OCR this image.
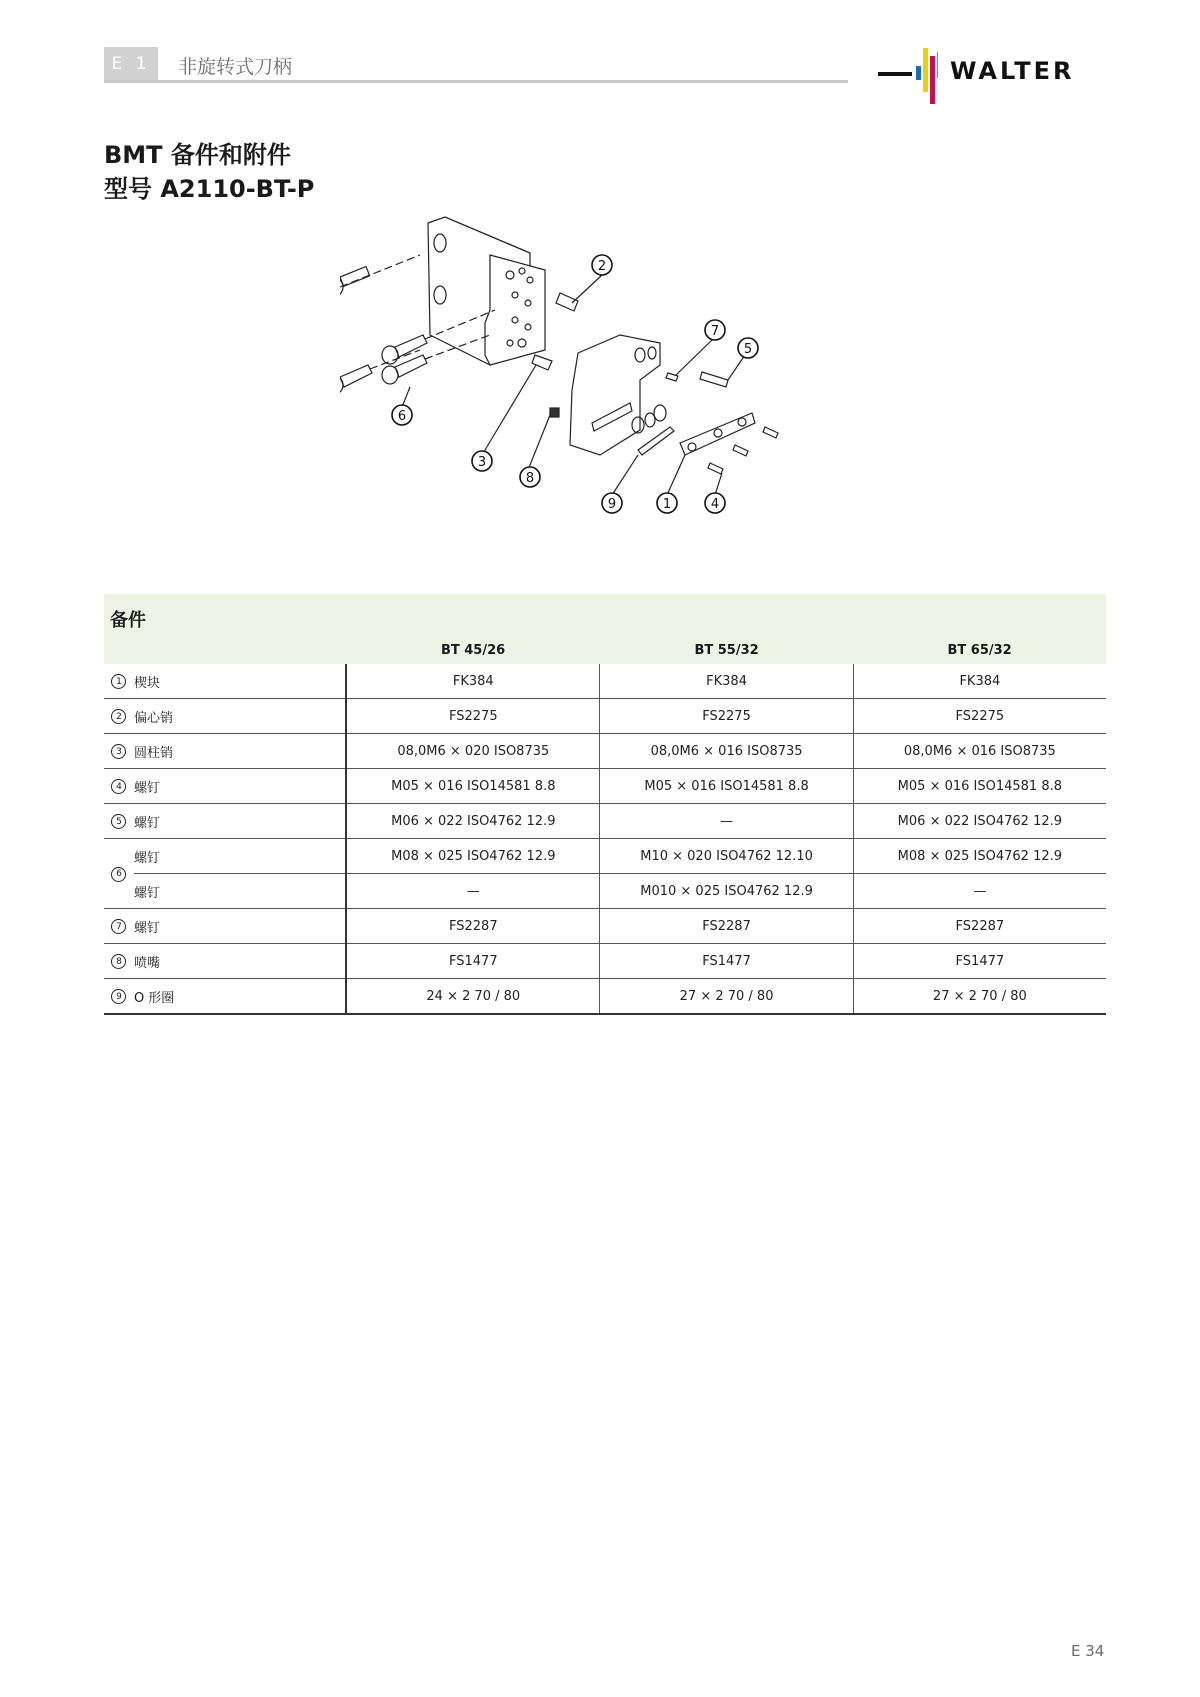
E 1	非旋转式刀柄	WALTER
BMT 备件和附件
型号 A2110-BT-P
2
7
5
6
3
8
9	1	4
备件		BT 45/26	BT 55/32	BT 65/32
1	楔块	FK384	FK384	FK384
2	偏心销	FS2275	FS2275	FS2275
3	圆柱销	08,0M6 × 020 ISO8735	08,0M6 × 016 ISO8735	08,0M6 × 016 ISO8735
4	螺钉	M05 × 016 ISO14581 8.8	M05 × 016 ISO14581 8.8	M05 × 016 ISO14581 8.8
5	螺钉	M06 × 022 ISO4762 12.9	—	M06 × 022 ISO4762 12.9
6	螺钉	M08 × 025 ISO4762 12.9	M10 × 020 ISO4762 12.10	M08 × 025 ISO4762 12.9
	螺钉	—	M010 × 025 ISO4762 12.9	—
7	螺钉	FS2287	FS2287	FS2287
8	喷嘴	FS1477	FS1477	FS1477
9	O 形圈	24 × 2 70 / 80	27 × 2 70 / 80	27 × 2 70 / 80
E 34
